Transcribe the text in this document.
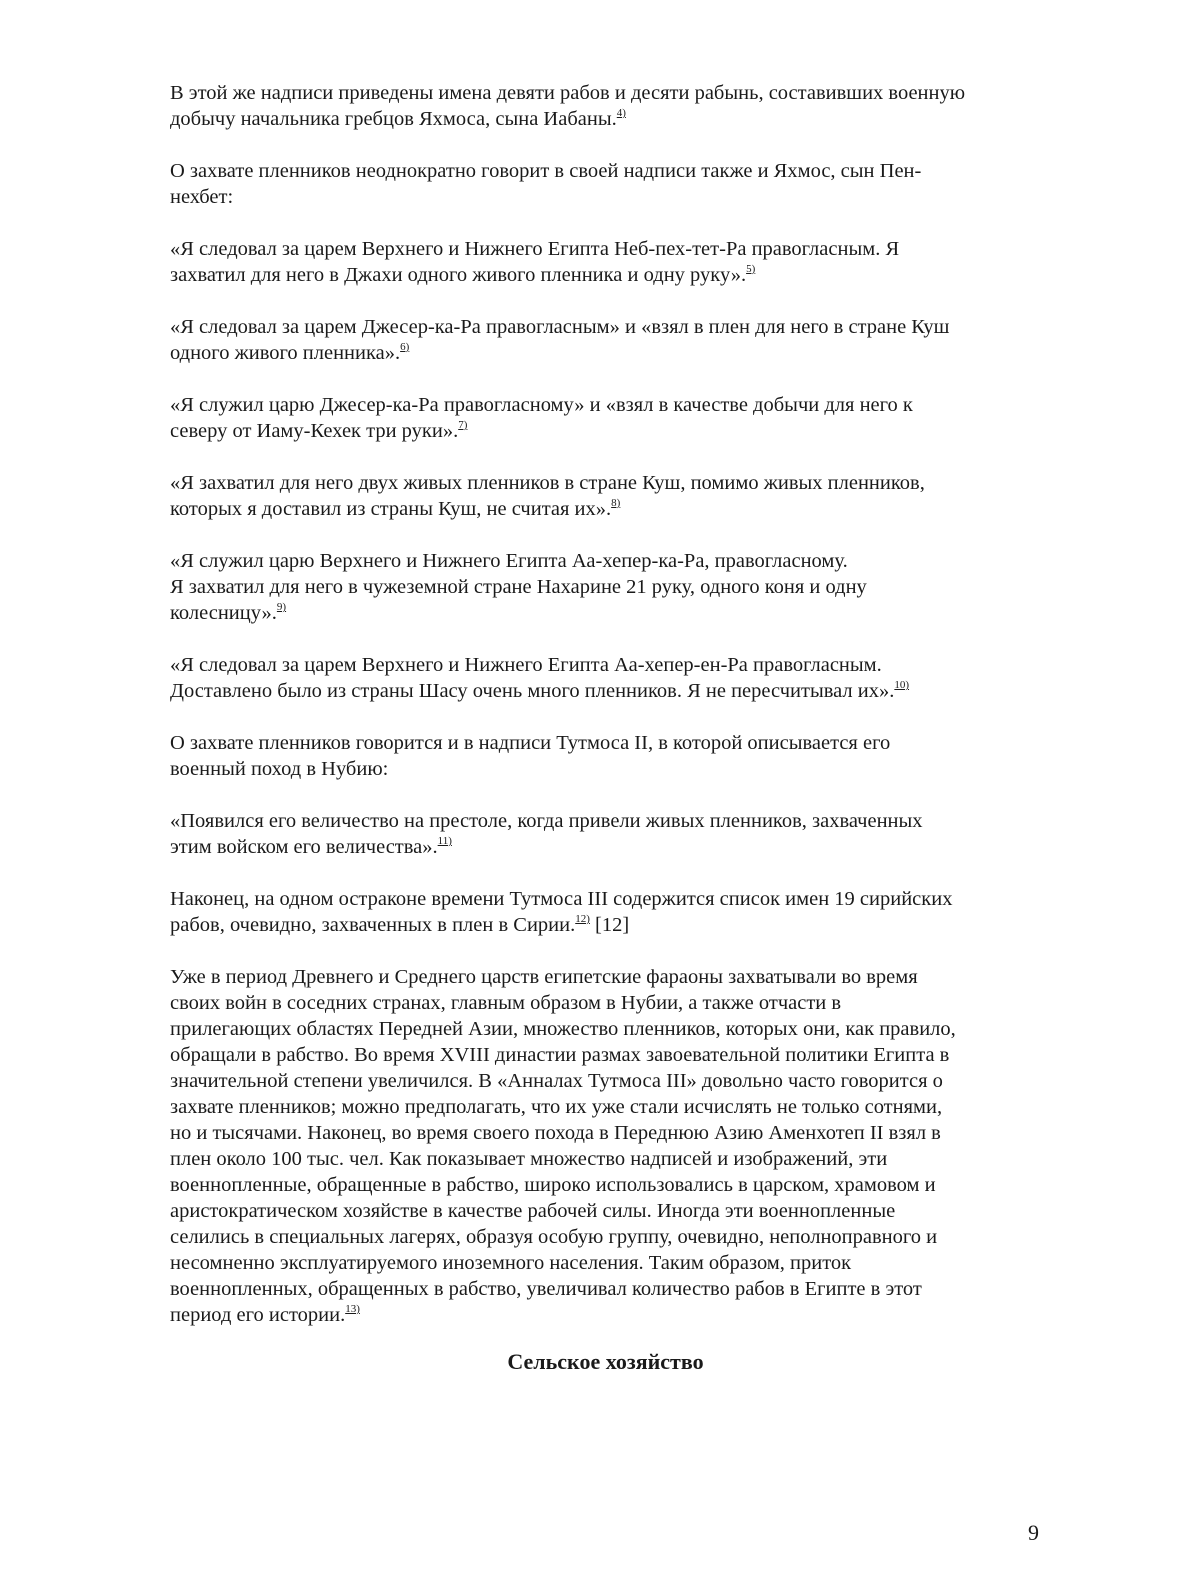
В этой же надписи приведены имена девяти рабов и десяти рабынь, составивших военную
добычу начальника гребцов Яхмоса, сына Иабаны.$^{4)}$

О захвате пленников неоднократно говорит в своей надписи также и Яхмос, сын Пен-
нехбет:

«Я следовал за царем Верхнего и Нижнего Египта Неб-пех-тет-Ра правогласным. Я
захватил для него в Джахи одного живого пленника и одну руку».$^{5)}$

«Я следовал за царем Джесер-ка-Ра правогласным» и «взял в плен для него в стране Куш
одного живого пленника».$^{6)}$

«Я служил царю Джесер-ка-Ра правогласному» и «взял в качестве добычи для него к
северу от Иаму-Кехек три руки».$^{7)}$

«Я захватил для него двух живых пленников в стране Куш, помимо живых пленников,
которых я доставил из страны Куш, не считая их».$^{8)}$

«Я служил царю Верхнего и Нижнего Египта Аа-хепер-ка-Ра, правогласному.
Я захватил для него в чужеземной стране Нахарине 21 руку, одного коня и одну
колесницу».$^{9)}$

«Я следовал за царем Верхнего и Нижнего Египта Аа-хепер-ен-Ра правогласным.
Доставлено было из страны Шасу очень много пленников. Я не пересчитывал их».$^{10)}$

О захвате пленников говорится и в надписи Тутмоса II, в которой описывается его
военный поход в Нубию:

«Появился его величество на престоле, когда привели живых пленников, захваченных
этим войском его величества».$^{11)}$

Наконец, на одном остраконе времени Тутмоса III содержится список имен 19 сирийских
рабов, очевидно, захваченных в плен в Сирии.$^{12)}$ [12]

Уже в период Древнего и Среднего царств египетские фараоны захватывали во время
своих войн в соседних странах, главным образом в Нубии, а также отчасти в
прилегающих областях Передней Азии, множество пленников, которых они, как правило,
обращали в рабство. Во время XVIII династии размах завоевательной политики Египта в
значительной степени увеличился. В «Анналах Тутмоса III» довольно часто говорится о
захвате пленников; можно предполагать, что их уже стали исчислять не только сотнями,
но и тысячами. Наконец, во время своего похода в Переднюю Азию Аменхотеп II взял в
плен около 100 тыс. чел. Как показывает множество надписей и изображений, эти
военнопленные, обращенные в рабство, широко использовались в царском, храмовом и
аристократическом хозяйстве в качестве рабочей силы. Иногда эти военнопленные
селились в специальных лагерях, образуя особую группу, очевидно, неполноправного и
несомненно эксплуатируемого иноземного населения. Таким образом, приток
военнопленных, обращенных в рабство, увеличивал количество рабов в Египте в этот
период его истории.$^{13)}$

Сельское хозяйство
9
